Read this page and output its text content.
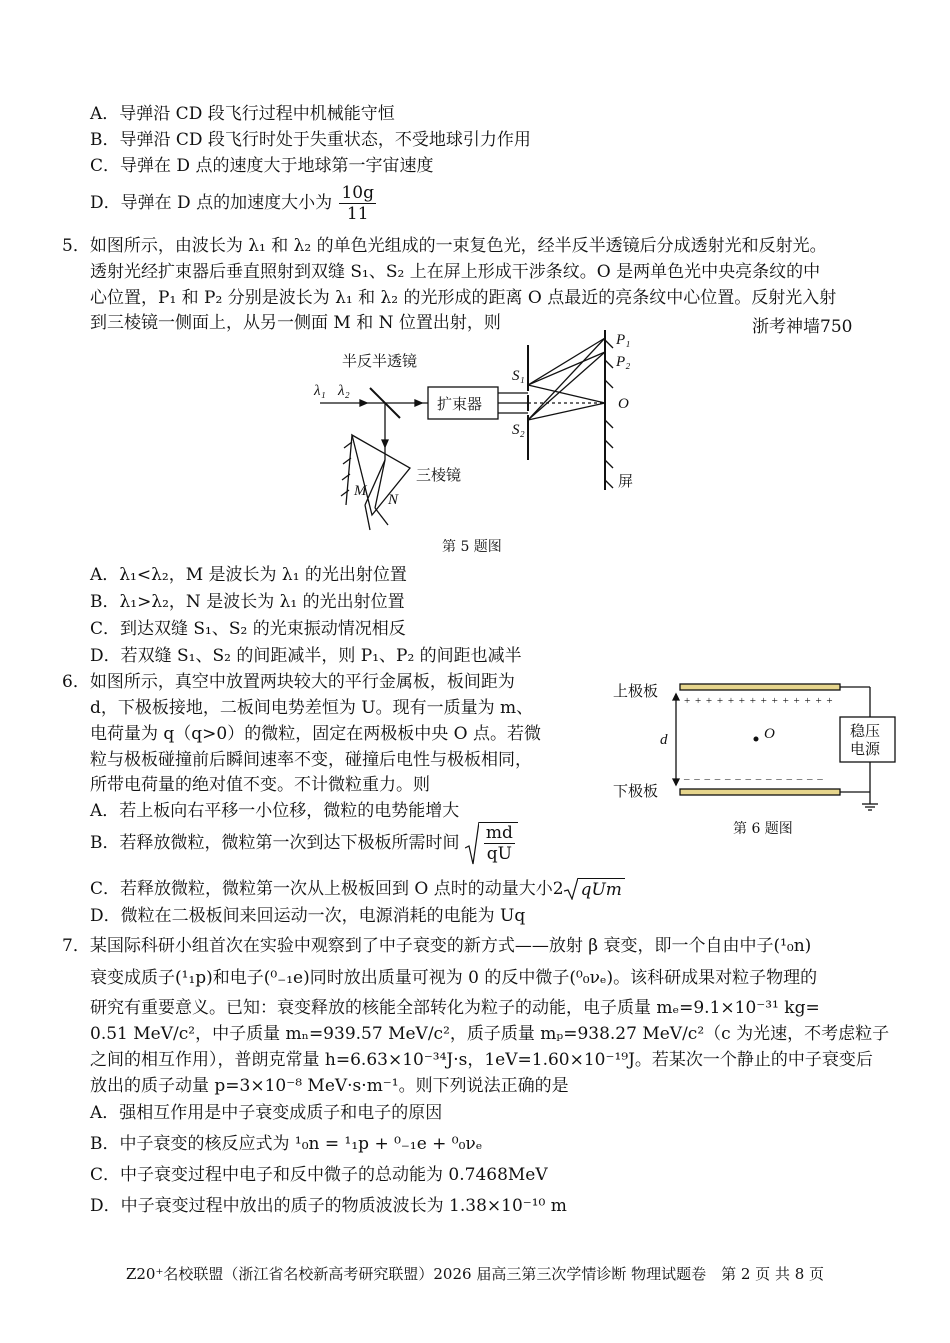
A．导弹沿 CD 段飞行过程中机械能守恒
B．导弹沿 CD 段飞行时处于失重状态，不受地球引力作用
C．导弹在 D 点的速度大于地球第一宇宙速度
D．导弹在 D 点的加速度大小为 $\frac{10g}{11}$
5．如图所示，由波长为 λ₁ 和 λ₂ 的单色光组成的一束复色光，经半反半透镜后分成透射光和反射光。
透射光经扩束器后垂直照射到双缝 S₁、S₂ 上在屏上形成干涉条纹。O 是两单色光中央亮条纹的中
心位置，P₁ 和 P₂ 分别是波长为 λ₁ 和 λ₂ 的光形成的距离 O 点最近的亮条纹中心位置。反射光入射
到三棱镜一侧面上，从另一侧面 M 和 N 位置出射，则	浙考神墙750
半反半透镜
λ₁ λ₂
扩束器
S₁
S₂
P₁
P₂
O
三棱镜	屏
M
N
第 5 题图
A．λ₁<λ₂，M 是波长为 λ₁ 的光出射位置
B．λ₁>λ₂，N 是波长为 λ₁ 的光出射位置
C．到达双缝 S₁、S₂ 的光束振动情况相反
D．若双缝 S₁、S₂ 的间距减半，则 P₁、P₂ 的间距也减半
6．如图所示，真空中放置两块较大的平行金属板，板间距为
d，下极板接地，二板间电势差恒为 U。现有一质量为 m、
电荷量为 q（q>0）的微粒，固定在两极板中央 O 点。若微
粒与极板碰撞前后瞬间速率不变，碰撞后电性与极板相同，
所带电荷量的绝对值不变。不计微粒重力。则
A．若上板向右平移一小位移，微粒的电势能增大
B．若释放微粒，微粒第一次到达下极板所需时间 $\frac{md}{qU}$
C．若释放微粒，微粒第一次从上极板回到 O 点时的动量大小2 qUm
D．微粒在二极板间来回运动一次，电源消耗的电能为 Uq
上极板
下极板
+ + + + + + + + + + + + + +
– – – – – – – – – – – – – –
d	O	稳压
电源
第 6 题图
7．某国际科研小组首次在实验中观察到了中子衰变的新方式——放射 β 衰变，即一个自由中子(¹₀n)
衰变成质子(¹₁p)和电子(⁰₋₁e)同时放出质量可视为 0 的反中微子(⁰₀νₑ)。该科研成果对粒子物理的
研究有重要意义。已知：衰变释放的核能全部转化为粒子的动能，电子质量 mₑ=9.1×10⁻³¹ kg=
0.51 MeV/c²，中子质量 mₙ=939.57 MeV/c²，质子质量 mₚ=938.27 MeV/c²（c 为光速，不考虑粒子
之间的相互作用），普朗克常量 h=6.63×10⁻³⁴J·s，1eV=1.60×10⁻¹⁹J。若某次一个静止的中子衰变后
放出的质子动量 p=3×10⁻⁸ MeV·s·m⁻¹。则下列说法正确的是
A．强相互作用是中子衰变成质子和电子的原因
B．中子衰变的核反应式为 ¹₀n = ¹₁p + ⁰₋₁e + ⁰₀νₑ
C．中子衰变过程中电子和反中微子的总动能为 0.7468MeV
D．中子衰变过程中放出的质子的物质波波长为 1.38×10⁻¹⁰ m
Z20⁺名校联盟（浙江省名校新高考研究联盟）2026 届高三第三次学情诊断 物理试题卷　第 2 页 共 8 页
